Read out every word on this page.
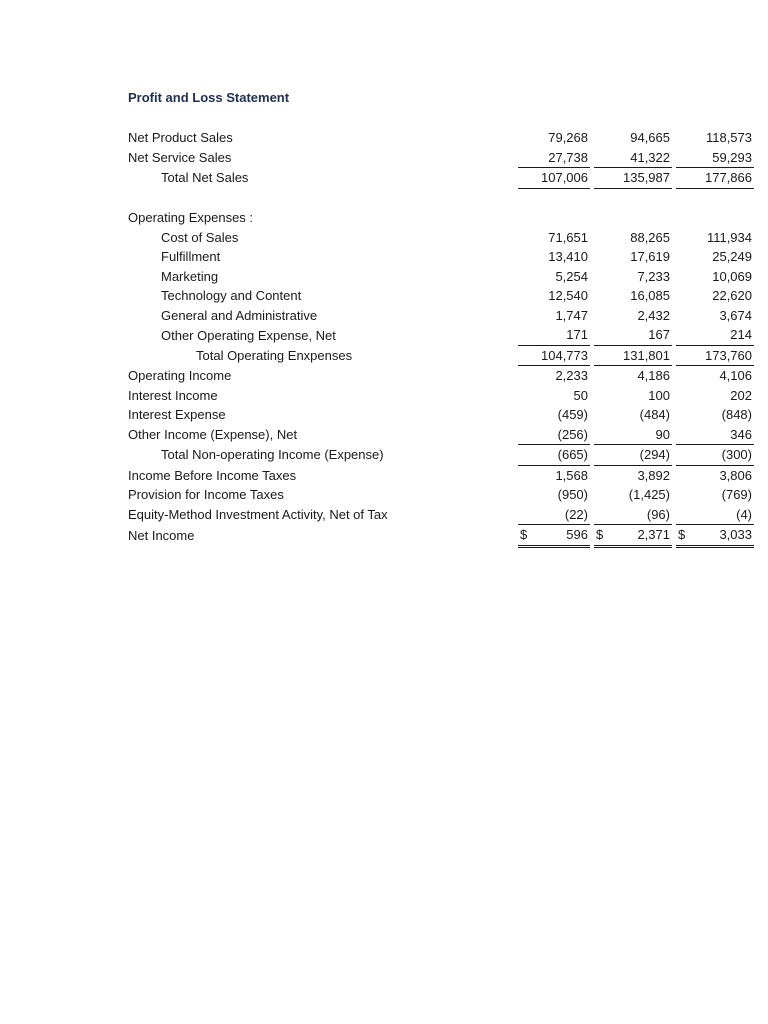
Profit and Loss Statement
Net Product Sales		79,268		94,665		118,573
Net Service Sales		27,738		41,322		59,293
Total Net Sales		107,006		135,987		177,866

Operating Expenses :						
Cost of Sales		71,651		88,265		111,934
Fulfillment		13,410		17,619		25,249
Marketing		5,254		7,233		10,069
Technology and Content		12,540		16,085		22,620
General and Administrative		1,747		2,432		3,674
Other Operating Expense, Net		171		167		214
Total Operating Enxpenses		104,773		131,801		173,760
Operating Income		2,233		4,186		4,106
Interest Income		50		100		202
Interest Expense		(459)		(484)		(848)
Other Income (Expense), Net		(256)		90		346
Total Non-operating Income (Expense)		(665)		(294)		(300)
Income Before Income Taxes		1,568		3,892		3,806
Provision for Income Taxes		(950)		(1,425)		(769)
Equity-Method Investment Activity, Net of Tax		(22)		(96)		(4)
Net Income		$ 596		$ 2,371		$ 3,033
